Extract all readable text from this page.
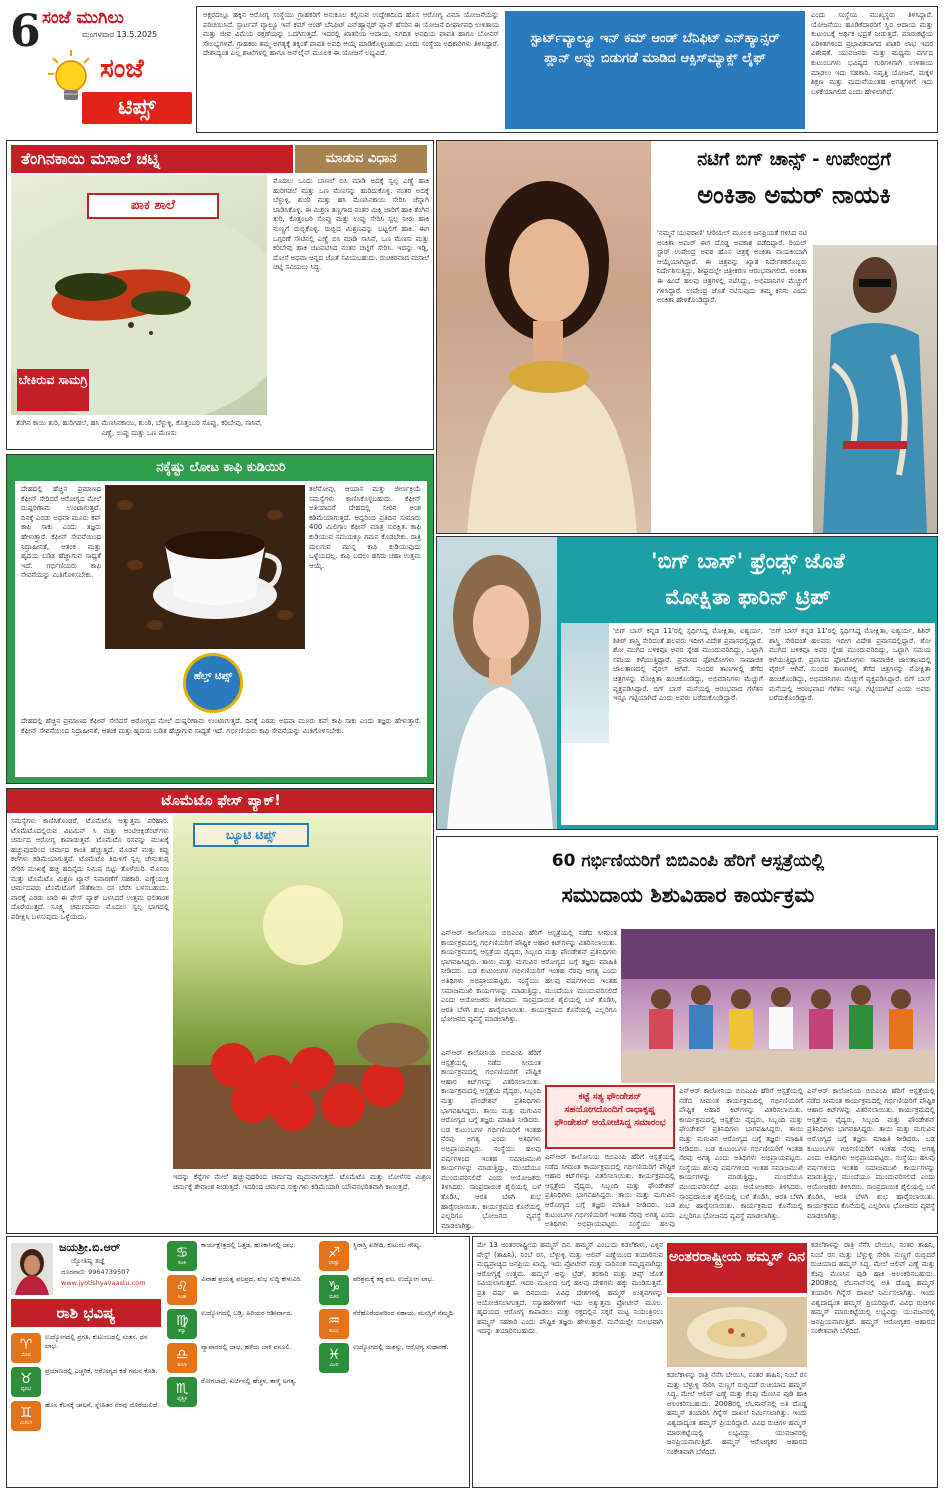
6 ಸಂಜೆ ಮುಗಿಲು
ಮಂಗಳವಾರ 13.5.2025
ಸಂಜೆ
ಟಿಪ್ಸ್
ಅಕ್ಷರದಲ್ಲೂ ಹಕ್ಕಿನ ಆರೋಗ್ಯ ಸಂಸ್ಥೆಯು ಗ್ರಾಹಕರಿಗೆ ಅನುಕೂಲ ಕಲ್ಪಿಸುವ ಉದ್ದೇಶದಿಂದ ಹೊಸ ಆರೋಗ್ಯ ವಿಮಾ ಯೋಜನೆಯನ್ನು ಪರಿಚಯಿಸಿದೆ. ಸ್ಟಾರ್ಟಪ್ ವ್ಯಾಲ್ಯೂ ಇನ್ ಕಮ್ ಆಂಡ್ ಬೆನಿಫಿಟ್ ಎನ್‌ಹ್ಯಾನ್ಸರ್ ಪ್ಲಾನ್ ಹೆಸರಿನ ಈ ಯೋಜನೆ ದೀರ್ಘಾವಧಿ ಉಳಿತಾಯ ಮತ್ತು ಜೀವ ವಿಮೆಯ ರಕ್ಷಣೆಯನ್ನು ಒದಗಿಸುತ್ತದೆ. ಇದರಲ್ಲಿ ಖಾತರಿಯ ಆದಾಯ, ನಿಗದಿತ ಅವಧಿಯ ಪಾವತಿ ಹಾಗೂ ಬೋನಸ್ ಸೌಲಭ್ಯಗಳಿವೆ. ಗ್ರಾಹಕರು ತಮ್ಮ ಅಗತ್ಯಕ್ಕೆ ತಕ್ಕಂತೆ ಪಾವತಿ ಅವಧಿ ಆಯ್ಕೆ ಮಾಡಿಕೊಳ್ಳಬಹುದು ಎಂದು ಸಂಸ್ಥೆಯ ಅಧಿಕಾರಿಗಳು ತಿಳಿಸಿದ್ದಾರೆ. ದೇಶಾದ್ಯಂತ ಎಲ್ಲ ಶಾಖೆಗಳಲ್ಲಿ ಹಾಗೂ ಆನ್‌ಲೈನ್ ಮೂಲಕ ಈ ಯೋಜನೆ ಲಭ್ಯವಿದೆ.
ಸ್ಟಾರ್ಟ್‌ವ್ಯಾಲ್ಯೂ ಇನ್ ಕಮ್ ಆಂಡ್ ಬೆನಿಫಿಟ್ ಎನ್‌ಹ್ಯಾನ್ಸರ್ ಪ್ಲಾನ್ ಅನ್ನು ಬಿಡುಗಡೆ ಮಾಡಿದ ಆಕ್ಸಿಸ್‌ಮ್ಯಾಕ್ಸ್ ಲೈಫ್
ಎಂದು ಸಂಸ್ಥೆಯ ಮುಖ್ಯಸ್ಥರು ತಿಳಿಸಿದ್ದಾರೆ. ಯೋಜನೆಯು ಹೂಡಿಕೆದಾರರಿಗೆ ಸ್ಥಿರ ಆದಾಯ ಮತ್ತು ಕುಟುಂಬಕ್ಕೆ ಆರ್ಥಿಕ ಭದ್ರತೆ ನೀಡುತ್ತದೆ. ಮಾರುಕಟ್ಟೆಯ ಏರಿಳಿತಗಳಿಂದ ಪ್ರಭಾವಿತವಾಗದ ಖಾತರಿ ಲಾಭ ಇದರ ವಿಶೇಷತೆ. ಯುವಜನರು ಮತ್ತು ಮಧ್ಯಮ ವರ್ಗದ ಕುಟುಂಬಗಳು ಭವಿಷ್ಯದ ಗುರಿಗಳಿಗಾಗಿ ಉಳಿತಾಯ ಮಾಡಲು ಇದು ಸಹಕಾರಿ. ನಿವೃತ್ತಿ ಯೋಜನೆ, ಮಕ್ಕಳ ಶಿಕ್ಷಣ ಮತ್ತು ಮದುವೆಯಂತಹ ಅಗತ್ಯಗಳಿಗೆ ಇದು ಬಳಕೆಯಾಗಲಿದೆ ಎಂದು ಹೇಳಲಾಗಿದೆ.
ತೆಂಗಿನಕಾಯಿ ಮಸಾಲೆ ಚಟ್ನಿ	ಮಾಡುವ ವಿಧಾನ
ಪಾಕ ಶಾಲೆ
ಬೇಕಿರುವ ಸಾಮಗ್ರಿ
ತೆಂಗಿನ ಕಾಯಿ ತುರಿ, ಹುರಿಗಡಲೆ, ಹಸಿ ಮೆಣಸಿನಕಾಯಿ, ಶುಂಠಿ, ಬೆಳ್ಳುಳ್ಳಿ, ಕೊತ್ತಂಬರಿ ಸೊಪ್ಪು, ಕರಿಬೇವು, ಸಾಸಿವೆ, ಎಣ್ಣೆ, ಉಪ್ಪು ಮತ್ತು ಒಣ ಮೆಣಸು
ಮೊದಲು ಒಂದು ಬಾಣಲೆ ಬಿಸಿ ಮಾಡಿ ಅದಕ್ಕೆ ಸ್ವಲ್ಪ ಎಣ್ಣೆ ಹಾಕಿ ಹುರಿಗಡಲೆ ಮತ್ತು ಒಣ ಮೆಣಸನ್ನು ಹುರಿದುಕೊಳ್ಳಿ. ನಂತರ ಅದಕ್ಕೆ ಬೆಳ್ಳುಳ್ಳಿ, ಶುಂಠಿ ಮತ್ತು ಹಸಿ ಮೆಣಸಿನಕಾಯಿ ಸೇರಿಸಿ ಚೆನ್ನಾಗಿ ಬಾಡಿಸಿಕೊಳ್ಳಿ. ಈ ಮಿಶ್ರಣ ತಣ್ಣಗಾದ ನಂತರ ಮಿಕ್ಸಿ ಜಾರಿಗೆ ಹಾಕಿ ತೆಂಗಿನ ತುರಿ, ಕೊತ್ತಂಬರಿ ಸೊಪ್ಪು ಮತ್ತು ಉಪ್ಪು ಸೇರಿಸಿ ಸ್ವಲ್ಪ ನೀರು ಹಾಕಿ ನುಣ್ಣಗೆ ರುಬ್ಬಿಕೊಳ್ಳಿ. ರುಬ್ಬಿದ ಮಿಶ್ರಣವನ್ನು ಬಟ್ಟಲಿಗೆ ಹಾಕಿ. ಈಗ ಒಗ್ಗರಣೆ ಸೌಟಿನಲ್ಲಿ ಎಣ್ಣೆ ಬಿಸಿ ಮಾಡಿ ಸಾಸಿವೆ, ಒಣ ಮೆಣಸು ಮತ್ತು ಕರಿಬೇವು ಹಾಕಿ ಚಟಪಟಿಸಿದ ನಂತರ ಚಟ್ನಿಗೆ ಸೇರಿಸಿ. ಇದನ್ನು ಇಡ್ಲಿ, ದೋಸೆ ಅಥವಾ ಅನ್ನದ ಜೊತೆ ಸವಿಯಬಹುದು. ರುಚಿಕರವಾದ ಮಸಾಲೆ ಚಟ್ನಿ ಸವಿಯಲು ಸಿದ್ಧ.
ನಟಿಗೆ ಬಿಗ್ ಚಾನ್ಸ್ - ಉಪೇಂದ್ರಗೆ
ಅಂಕಿತಾ ಅಮರ್ ನಾಯಕಿ
'ನಮ್ಮನೆ ಯುವರಾಣಿ' ಸೀರಿಯಲ್ ಮೂಲಕ ಜನಪ್ರಿಯತೆ ಗಳಿಸಿದ ನಟಿ ಅಂಕಿತಾ ಅಮರ್ ಈಗ ದೊಡ್ಡ ಅವಕಾಶ ಪಡೆದಿದ್ದಾರೆ. ರಿಯಲ್ ಸ್ಟಾರ್ ಉಪೇಂದ್ರ ಅವರ ಹೊಸ ಚಿತ್ರಕ್ಕೆ ಅಂಕಿತಾ ನಾಯಕಿಯಾಗಿ ಆಯ್ಕೆಯಾಗಿದ್ದಾರೆ. ಈ ಚಿತ್ರವನ್ನು ಖ್ಯಾತ ನಿರ್ದೇಶಕರೊಬ್ಬರು ನಿರ್ದೇಶಿಸುತ್ತಿದ್ದು, ಶೀಘ್ರದಲ್ಲೇ ಚಿತ್ರೀಕರಣ ಆರಂಭವಾಗಲಿದೆ. ಅಂಕಿತಾ ಈ ಹಿಂದೆ ಹಲವು ಚಿತ್ರಗಳಲ್ಲಿ ನಟಿಸಿದ್ದು, ಅಭಿಮಾನಿಗಳ ಮೆಚ್ಚುಗೆ ಗಳಿಸಿದ್ದಾರೆ. ಉಪೇಂದ್ರ ಜೊತೆ ನಟಿಸುವುದು ತಮ್ಮ ಕನಸು ಎಂದು ಅಂಕಿತಾ ಹೇಳಿಕೊಂಡಿದ್ದಾರೆ.
ನಕ್ಕೆಷ್ಟು ಲೋಟ ಕಾಫಿ ಕುಡಿಯಿರಿ
ದೇಹದಲ್ಲಿ ಹೆಚ್ಚಿನ ಪ್ರಮಾಣದ ಕೆಫೀನ್ ಸೇರಿದರೆ ಆರೋಗ್ಯದ ಮೇಲೆ ದುಷ್ಪರಿಣಾಮ ಉಂಟಾಗುತ್ತದೆ. ದಿನಕ್ಕೆ ಎರಡು ಅಥವಾ ಮೂರು ಕಪ್ ಕಾಫಿ ಸಾಕು ಎಂದು ತಜ್ಞರು ಹೇಳುತ್ತಾರೆ. ಕೆಫೀನ್ ಸೇವನೆಯಿಂದ ನಿದ್ರಾಹೀನತೆ, ಆತಂಕ ಮತ್ತು ಹೃದಯ ಬಡಿತ ಹೆಚ್ಚಾಗುವ ಸಾಧ್ಯತೆ ಇದೆ. ಗರ್ಭಿಣಿಯರು ಕಾಫಿ ಸೇವನೆಯನ್ನು ಮಿತಿಗೊಳಿಸಬೇಕು.
ತಲೆನೋವು, ಆಯಾಸ ಮತ್ತು ಜೀರ್ಣಕ್ರಿಯೆ ಸಮಸ್ಯೆಗಳು ಕಾಣಿಸಿಕೊಳ್ಳಬಹುದು. ಕೆಫೀನ್ ಅತಿಯಾದರೆ ದೇಹದಲ್ಲಿ ನೀರಿನ ಅಂಶ ಕಡಿಮೆಯಾಗುತ್ತದೆ. ಆದ್ದರಿಂದ ಪ್ರತಿದಿನ ಸುಮಾರು 400 ಮಿಲಿಗ್ರಾಂ ಕೆಫೀನ್ ಮಾತ್ರ ಸುರಕ್ಷಿತ. ಕಾಫಿ ಕುಡಿಯುವ ಸಮಯಕ್ಕೂ ಗಮನ ಕೊಡಬೇಕು. ರಾತ್ರಿ ಮಲಗುವ ಮುನ್ನ ಕಾಫಿ ಕುಡಿಯುವುದು ಒಳ್ಳೆಯದಲ್ಲ. ಕಾಫಿ ಬದಲು ಹಸಿರು ಚಹಾ ಉತ್ತಮ ಆಯ್ಕೆ.
ಹೆಲ್ತ್ ಟಿಪ್ಸ್
ದೇಹದಲ್ಲಿ ಹೆಚ್ಚಿನ ಪ್ರಮಾಣದ ಕೆಫೀನ್ ಸೇರಿದರೆ ಆರೋಗ್ಯದ ಮೇಲೆ ದುಷ್ಪರಿಣಾಮ ಉಂಟಾಗುತ್ತದೆ. ದಿನಕ್ಕೆ ಎರಡು ಅಥವಾ ಮೂರು ಕಪ್ ಕಾಫಿ ಸಾಕು ಎಂದು ತಜ್ಞರು ಹೇಳುತ್ತಾರೆ. ಕೆಫೀನ್ ಸೇವನೆಯಿಂದ ನಿದ್ರಾಹೀನತೆ, ಆತಂಕ ಮತ್ತು ಹೃದಯ ಬಡಿತ ಹೆಚ್ಚಾಗುವ ಸಾಧ್ಯತೆ ಇದೆ. ಗರ್ಭಿಣಿಯರು ಕಾಫಿ ಸೇವನೆಯನ್ನು ಮಿತಿಗೊಳಿಸಬೇಕು.
'ಬಿಗ್ ಬಾಸ್' ಫ್ರೆಂಡ್ಸ್ ಜೊತೆ
ಮೋಕ್ಷಿತಾ ಫಾರಿನ್ ಟ್ರಿಪ್
'ಬಿಗ್ ಬಾಸ್ ಕನ್ನಡ 11'ರಲ್ಲಿ ಸ್ಪರ್ಧಿಸಿದ್ದ ಮೋಕ್ಷಿತಾ, ಐಶ್ವರ್ಯ, ಶಿಶಿರ್ ಶಾಸ್ತ್ರಿ ಸೇರಿದಂತೆ ಹಲವರು ಇದೀಗ ವಿದೇಶ ಪ್ರವಾಸದಲ್ಲಿದ್ದಾರೆ. ಶೋ ಮುಗಿದ ಬಳಿಕವೂ ಅವರ ಸ್ನೇಹ ಮುಂದುವರಿದಿದ್ದು, ಒಟ್ಟಾಗಿ ಸಮಯ ಕಳೆಯುತ್ತಿದ್ದಾರೆ. ಪ್ರವಾಸದ ಫೋಟೋಗಳು ಸಾಮಾಜಿಕ ಜಾಲತಾಣದಲ್ಲಿ ವೈರಲ್ ಆಗಿವೆ. ಸುಂದರ ತಾಣಗಳಲ್ಲಿ ತೆಗೆದ ಚಿತ್ರಗಳನ್ನು ಮೋಕ್ಷಿತಾ ಹಂಚಿಕೊಂಡಿದ್ದು, ಅಭಿಮಾನಿಗಳು ಮೆಚ್ಚುಗೆ ವ್ಯಕ್ತಪಡಿಸಿದ್ದಾರೆ. ಬಿಗ್ ಬಾಸ್ ಮನೆಯಲ್ಲಿ ಆರಂಭವಾದ ಗೆಳೆತನ ಇನ್ನೂ ಗಟ್ಟಿಯಾಗಿದೆ ಎಂದು ಅವರು ಬರೆದುಕೊಂಡಿದ್ದಾರೆ.
'ಬಿಗ್ ಬಾಸ್ ಕನ್ನಡ 11'ರಲ್ಲಿ ಸ್ಪರ್ಧಿಸಿದ್ದ ಮೋಕ್ಷಿತಾ, ಐಶ್ವರ್ಯ, ಶಿಶಿರ್ ಶಾಸ್ತ್ರಿ ಸೇರಿದಂತೆ ಹಲವರು ಇದೀಗ ವಿದೇಶ ಪ್ರವಾಸದಲ್ಲಿದ್ದಾರೆ. ಶೋ ಮುಗಿದ ಬಳಿಕವೂ ಅವರ ಸ್ನೇಹ ಮುಂದುವರಿದಿದ್ದು, ಒಟ್ಟಾಗಿ ಸಮಯ ಕಳೆಯುತ್ತಿದ್ದಾರೆ. ಪ್ರವಾಸದ ಫೋಟೋಗಳು ಸಾಮಾಜಿಕ ಜಾಲತಾಣದಲ್ಲಿ ವೈರಲ್ ಆಗಿವೆ. ಸುಂದರ ತಾಣಗಳಲ್ಲಿ ತೆಗೆದ ಚಿತ್ರಗಳನ್ನು ಮೋಕ್ಷಿತಾ ಹಂಚಿಕೊಂಡಿದ್ದು, ಅಭಿಮಾನಿಗಳು ಮೆಚ್ಚುಗೆ ವ್ಯಕ್ತಪಡಿಸಿದ್ದಾರೆ. ಬಿಗ್ ಬಾಸ್ ಮನೆಯಲ್ಲಿ ಆರಂಭವಾದ ಗೆಳೆತನ ಇನ್ನೂ ಗಟ್ಟಿಯಾಗಿದೆ ಎಂದು ಅವರು ಬರೆದುಕೊಂಡಿದ್ದಾರೆ.
ಟೊಮೆಟೊ ಫೇಸ್ ಪ್ಯಾಕ್!
ಸಮಸ್ಯೆಗಳು ಕಾಣಿಸಿಕೊಂಡರೆ, ಟೊಮೆಟೊ ಅತ್ಯುತ್ತಮ ಪರಿಹಾರ. ಟೊಮೆಟೊದಲ್ಲಿರುವ ವಿಟಮಿನ್ ಸಿ ಮತ್ತು ಆಂಟಿಆಕ್ಸಿಡೆಂಟ್‌ಗಳು ಚರ್ಮದ ಆರೋಗ್ಯ ಕಾಪಾಡುತ್ತವೆ. ಟೊಮೆಟೊ ರಸವನ್ನು ಮುಖಕ್ಕೆ ಹಚ್ಚುವುದರಿಂದ ಚರ್ಮದ ಕಾಂತಿ ಹೆಚ್ಚುತ್ತದೆ. ಮೊಡವೆ ಮತ್ತು ಕಪ್ಪು ಕಲೆಗಳು ಕಡಿಮೆಯಾಗುತ್ತವೆ. ಟೊಮೆಟೊ ತಿರುಳಿಗೆ ಸ್ವಲ್ಪ ಜೇನುತುಪ್ಪ ಸೇರಿಸಿ ಮುಖಕ್ಕೆ ಹಚ್ಚಿ ಹದಿನೈದು ನಿಮಿಷ ಬಿಟ್ಟು ತೊಳೆಯಿರಿ. ಮೊಸರು ಮತ್ತು ಟೊಮೆಟೊ ಮಿಶ್ರಣ ಟ್ಯಾನ್ ನಿವಾರಣೆಗೆ ಸಹಕಾರಿ. ಎಣ್ಣೆಯುಕ್ತ ಚರ್ಮದವರು ಟೊಮೆಟೊಗೆ ಸೌತೆಕಾಯಿ ರಸ ಬೆರೆಸಿ ಬಳಸಬಹುದು. ವಾರಕ್ಕೆ ಎರಡು ಬಾರಿ ಈ ಫೇಸ್ ಪ್ಯಾಕ್ ಬಳಸಿದರೆ ಉತ್ತಮ ಫಲಿತಾಂಶ ದೊರೆಯುತ್ತದೆ. ಸೂಕ್ಷ್ಮ ಚರ್ಮದವರು ಮೊದಲು ಸ್ವಲ್ಪ ಭಾಗದಲ್ಲಿ ಪರೀಕ್ಷಿಸಿ ಬಳಸುವುದು ಒಳ್ಳೆಯದು.
ಬ್ಯೂಟಿ ಟಿಪ್ಸ್
ಇದನ್ನು ಕೆನ್ನೆಗಳ ಮೇಲೆ ಹಚ್ಚುವುದರಿಂದ ಚರ್ಮವು ಮೃದುವಾಗುತ್ತದೆ. ಟೊಮೆಟೊ ಮತ್ತು ಲೋಳೆಸರ ಮಿಶ್ರಣ ಚರ್ಮಕ್ಕೆ ತೇವಾಂಶ ನೀಡುತ್ತದೆ. ಇದರಿಂದ ಚರ್ಮದ ಸುಕ್ಕುಗಳು ಕಡಿಮೆಯಾಗಿ ಯೌವನಭರಿತವಾಗಿ ಕಾಣುತ್ತದೆ.
60 ಗರ್ಭಿಣಿಯರಿಗೆ ಬಿಬಿಎಂಪಿ ಹೆರಿಗೆ ಆಸ್ಪತ್ರೆಯಲ್ಲಿ
ಸಮುದಾಯ ಶಿಶುವಿಹಾರ ಕಾರ್ಯಕ್ರಮ
ಎನ್ಆರ್ ಕಾಲೋನಿಯ ಬಿಬಿಎಂಪಿ ಹೆರಿಗೆ ಆಸ್ಪತ್ರೆಯಲ್ಲಿ ನಡೆದ ಸೀಮಂತ ಕಾರ್ಯಕ್ರಮದಲ್ಲಿ ಗರ್ಭಿಣಿಯರಿಗೆ ಪೌಷ್ಟಿಕ ಆಹಾರ ಕಿಟ್‌ಗಳನ್ನು ವಿತರಿಸಲಾಯಿತು. ಕಾರ್ಯಕ್ರಮದಲ್ಲಿ ಆಸ್ಪತ್ರೆಯ ವೈದ್ಯರು, ಸಿಬ್ಬಂದಿ ಮತ್ತು ಫೌಂಡೇಶನ್ ಪ್ರತಿನಿಧಿಗಳು ಭಾಗವಹಿಸಿದ್ದರು. ತಾಯಿ ಮತ್ತು ಮಗುವಿನ ಆರೋಗ್ಯದ ಬಗ್ಗೆ ತಜ್ಞರು ಮಾಹಿತಿ ನೀಡಿದರು. ಬಡ ಕುಟುಂಬಗಳ ಗರ್ಭಿಣಿಯರಿಗೆ ಇಂತಹ ನೆರವು ಅಗತ್ಯ ಎಂದು ಅತಿಥಿಗಳು ಅಭಿಪ್ರಾಯಪಟ್ಟರು. ಸಂಸ್ಥೆಯು ಹಲವು ವರ್ಷಗಳಿಂದ ಇಂತಹ ಸಮಾಜಮುಖಿ ಕಾರ್ಯಗಳನ್ನು ಮಾಡುತ್ತಿದ್ದು, ಮುಂದೆಯೂ ಮುಂದುವರಿಸಲಿದೆ ಎಂದು ಆಯೋಜಕರು ತಿಳಿಸಿದರು. ಸಾಂಪ್ರದಾಯಿಕ ಶೈಲಿಯಲ್ಲಿ ಬಳೆ ತೊಡಿಸಿ, ಆರತಿ ಬೆಳಗಿ ಶುಭ ಹಾರೈಸಲಾಯಿತು. ಕಾರ್ಯಕ್ರಮದ ಕೊನೆಯಲ್ಲಿ ಎಲ್ಲರಿಗೂ ಭೋಜನದ ವ್ಯವಸ್ಥೆ ಮಾಡಲಾಗಿತ್ತು.
ಎನ್ಆರ್ ಕಾಲೋನಿಯ ಬಿಬಿಎಂಪಿ ಹೆರಿಗೆ ಆಸ್ಪತ್ರೆಯಲ್ಲಿ ನಡೆದ ಸೀಮಂತ ಕಾರ್ಯಕ್ರಮದಲ್ಲಿ ಗರ್ಭಿಣಿಯರಿಗೆ ಪೌಷ್ಟಿಕ ಆಹಾರ ಕಿಟ್‌ಗಳನ್ನು ವಿತರಿಸಲಾಯಿತು. ಕಾರ್ಯಕ್ರಮದಲ್ಲಿ ಆಸ್ಪತ್ರೆಯ ವೈದ್ಯರು, ಸಿಬ್ಬಂದಿ ಮತ್ತು ಫೌಂಡೇಶನ್ ಪ್ರತಿನಿಧಿಗಳು ಭಾಗವಹಿಸಿದ್ದರು. ತಾಯಿ ಮತ್ತು ಮಗುವಿನ ಆರೋಗ್ಯದ ಬಗ್ಗೆ ತಜ್ಞರು ಮಾಹಿತಿ ನೀಡಿದರು. ಬಡ ಕುಟುಂಬಗಳ ಗರ್ಭಿಣಿಯರಿಗೆ ಇಂತಹ ನೆರವು ಅಗತ್ಯ ಎಂದು ಅತಿಥಿಗಳು ಅಭಿಪ್ರಾಯಪಟ್ಟರು. ಸಂಸ್ಥೆಯು ಹಲವು ವರ್ಷಗಳಿಂದ ಇಂತಹ ಸಮಾಜಮುಖಿ ಕಾರ್ಯಗಳನ್ನು ಮಾಡುತ್ತಿದ್ದು, ಮುಂದೆಯೂ ಮುಂದುವರಿಸಲಿದೆ ಎಂದು ಆಯೋಜಕರು ತಿಳಿಸಿದರು. ಸಾಂಪ್ರದಾಯಿಕ ಶೈಲಿಯಲ್ಲಿ ಬಳೆ ತೊಡಿಸಿ, ಆರತಿ ಬೆಳಗಿ ಶುಭ ಹಾರೈಸಲಾಯಿತು. ಕಾರ್ಯಕ್ರಮದ ಕೊನೆಯಲ್ಲಿ ಎಲ್ಲರಿಗೂ ಭೋಜನದ ವ್ಯವಸ್ಥೆ ಮಾಡಲಾಗಿತ್ತು.
ಕಟ್ಟೆ ಸತ್ಯ ಫೌಂಡೇಶನ್ ಸಹಯೋಗದೊಂದಿಗೆ ರಾಧಾಕೃಷ್ಣ ಫೌಂಡೇಶನ್ ಆಯೋಜಿಸಿದ್ದ ಸಮಾರಂಭ
ಎನ್ಆರ್ ಕಾಲೋನಿಯ ಬಿಬಿಎಂಪಿ ಹೆರಿಗೆ ಆಸ್ಪತ್ರೆಯಲ್ಲಿ ನಡೆದ ಸೀಮಂತ ಕಾರ್ಯಕ್ರಮದಲ್ಲಿ ಗರ್ಭಿಣಿಯರಿಗೆ ಪೌಷ್ಟಿಕ ಆಹಾರ ಕಿಟ್‌ಗಳನ್ನು ವಿತರಿಸಲಾಯಿತು. ಕಾರ್ಯಕ್ರಮದಲ್ಲಿ ಆಸ್ಪತ್ರೆಯ ವೈದ್ಯರು, ಸಿಬ್ಬಂದಿ ಮತ್ತು ಫೌಂಡೇಶನ್ ಪ್ರತಿನಿಧಿಗಳು ಭಾಗವಹಿಸಿದ್ದರು. ತಾಯಿ ಮತ್ತು ಮಗುವಿನ ಆರೋಗ್ಯದ ಬಗ್ಗೆ ತಜ್ಞರು ಮಾಹಿತಿ ನೀಡಿದರು. ಬಡ ಕುಟುಂಬಗಳ ಗರ್ಭಿಣಿಯರಿಗೆ ಇಂತಹ ನೆರವು ಅಗತ್ಯ ಎಂದು ಅತಿಥಿಗಳು ಅಭಿಪ್ರಾಯಪಟ್ಟರು. ಸಂಸ್ಥೆಯು ಹಲವು
ಎನ್ಆರ್ ಕಾಲೋನಿಯ ಬಿಬಿಎಂಪಿ ಹೆರಿಗೆ ಆಸ್ಪತ್ರೆಯಲ್ಲಿ ನಡೆದ ಸೀಮಂತ ಕಾರ್ಯಕ್ರಮದಲ್ಲಿ ಗರ್ಭಿಣಿಯರಿಗೆ ಪೌಷ್ಟಿಕ ಆಹಾರ ಕಿಟ್‌ಗಳನ್ನು ವಿತರಿಸಲಾಯಿತು. ಕಾರ್ಯಕ್ರಮದಲ್ಲಿ ಆಸ್ಪತ್ರೆಯ ವೈದ್ಯರು, ಸಿಬ್ಬಂದಿ ಮತ್ತು ಫೌಂಡೇಶನ್ ಪ್ರತಿನಿಧಿಗಳು ಭಾಗವಹಿಸಿದ್ದರು. ತಾಯಿ ಮತ್ತು ಮಗುವಿನ ಆರೋಗ್ಯದ ಬಗ್ಗೆ ತಜ್ಞರು ಮಾಹಿತಿ ನೀಡಿದರು. ಬಡ ಕುಟುಂಬಗಳ ಗರ್ಭಿಣಿಯರಿಗೆ ಇಂತಹ ನೆರವು ಅಗತ್ಯ ಎಂದು ಅತಿಥಿಗಳು ಅಭಿಪ್ರಾಯಪಟ್ಟರು. ಸಂಸ್ಥೆಯು ಹಲವು ವರ್ಷಗಳಿಂದ ಇಂತಹ ಸಮಾಜಮುಖಿ ಕಾರ್ಯಗಳನ್ನು ಮಾಡುತ್ತಿದ್ದು, ಮುಂದೆಯೂ ಮುಂದುವರಿಸಲಿದೆ ಎಂದು ಆಯೋಜಕರು ತಿಳಿಸಿದರು. ಸಾಂಪ್ರದಾಯಿಕ ಶೈಲಿಯಲ್ಲಿ ಬಳೆ ತೊಡಿಸಿ, ಆರತಿ ಬೆಳಗಿ ಶುಭ ಹಾರೈಸಲಾಯಿತು. ಕಾರ್ಯಕ್ರಮದ ಕೊನೆಯಲ್ಲಿ ಎಲ್ಲರಿಗೂ ಭೋಜನದ ವ್ಯವಸ್ಥೆ ಮಾಡಲಾಗಿತ್ತು.
ಎನ್ಆರ್ ಕಾಲೋನಿಯ ಬಿಬಿಎಂಪಿ ಹೆರಿಗೆ ಆಸ್ಪತ್ರೆಯಲ್ಲಿ ನಡೆದ ಸೀಮಂತ ಕಾರ್ಯಕ್ರಮದಲ್ಲಿ ಗರ್ಭಿಣಿಯರಿಗೆ ಪೌಷ್ಟಿಕ ಆಹಾರ ಕಿಟ್‌ಗಳನ್ನು ವಿತರಿಸಲಾಯಿತು. ಕಾರ್ಯಕ್ರಮದಲ್ಲಿ ಆಸ್ಪತ್ರೆಯ ವೈದ್ಯರು, ಸಿಬ್ಬಂದಿ ಮತ್ತು ಫೌಂಡೇಶನ್ ಪ್ರತಿನಿಧಿಗಳು ಭಾಗವಹಿಸಿದ್ದರು. ತಾಯಿ ಮತ್ತು ಮಗುವಿನ ಆರೋಗ್ಯದ ಬಗ್ಗೆ ತಜ್ಞರು ಮಾಹಿತಿ ನೀಡಿದರು. ಬಡ ಕುಟುಂಬಗಳ ಗರ್ಭಿಣಿಯರಿಗೆ ಇಂತಹ ನೆರವು ಅಗತ್ಯ ಎಂದು ಅತಿಥಿಗಳು ಅಭಿಪ್ರಾಯಪಟ್ಟರು. ಸಂಸ್ಥೆಯು ಹಲವು ವರ್ಷಗಳಿಂದ ಇಂತಹ ಸಮಾಜಮುಖಿ ಕಾರ್ಯಗಳನ್ನು ಮಾಡುತ್ತಿದ್ದು, ಮುಂದೆಯೂ ಮುಂದುವರಿಸಲಿದೆ ಎಂದು ಆಯೋಜಕರು ತಿಳಿಸಿದರು. ಸಾಂಪ್ರದಾಯಿಕ ಶೈಲಿಯಲ್ಲಿ ಬಳೆ ತೊಡಿಸಿ, ಆರತಿ ಬೆಳಗಿ ಶುಭ ಹಾರೈಸಲಾಯಿತು. ಕಾರ್ಯಕ್ರಮದ ಕೊನೆಯಲ್ಲಿ ಎಲ್ಲರಿಗೂ ಭೋಜನದ ವ್ಯವಸ್ಥೆ ಮಾಡಲಾಗಿತ್ತು.
ಜಯಶ್ರೀ.ಬಿ.ಆರ್
ಜ್ಯೋತಿಷ್ಯ ತಜ್ಞೆ
ದೂರವಾಣಿ: 9964739507
www.jyotishyavaastu.com
ರಾಶಿ ಭವಿಷ್ಯ
♈
ಮೇಷ
ಉದ್ಯೋಗದಲ್ಲಿ ಪ್ರಗತಿ, ಕುಟುಂಬದಲ್ಲಿ ಸಂತಸ, ಧನ ಲಾಭ.
♉
ವೃಷಭ
ಪ್ರಯಾಣದಲ್ಲಿ ಎಚ್ಚರಿಕೆ, ಆರೋಗ್ಯದ ಕಡೆ ಗಮನ ಕೊಡಿ.
♊
ಮಿಥುನ
ಹೊಸ ಕೆಲಸಕ್ಕೆ ಚಾಲನೆ, ಸ್ನೇಹಿತರ ನೆರವು ದೊರೆಯಲಿದೆ.
♋
ಕಟಕ
ಕಾರ್ಯಕ್ಷೇತ್ರದಲ್ಲಿ ಒತ್ತಡ, ಹಣಕಾಸಿನಲ್ಲಿ ಲಾಭ.
♌
ಸಿಂಹ
ವಿವಾಹ ಪ್ರಯತ್ನ ಫಲಪ್ರದ, ಶುಭ ಸುದ್ದಿ ಕೇಳುವಿರಿ.
♍
ಕನ್ಯಾ
ಉದ್ಯೋಗದಲ್ಲಿ ಬಡ್ತಿ, ಹಿರಿಯರ ಆಶೀರ್ವಾದ.
♎
ತುಲಾ
ವ್ಯಾಪಾರದಲ್ಲಿ ಲಾಭ, ಹಳೆಯ ಬಾಕಿ ವಸೂಲಿ.
♏
ವೃಶ್ಚಿಕ
ರೋಗಬಾಧೆ, ಖರ್ಚಿನಲ್ಲಿ ಹೆಚ್ಚಳ, ತಾಳ್ಮೆ ಅಗತ್ಯ.
♐
ಧನಸ್ಸು
ಸ್ಥಿರಾಸ್ತಿ ಖರೀದಿ, ಕುಟುಂಬ ಸೌಖ್ಯ.
♑
ಮಕರ
ಪರಿಶ್ರಮಕ್ಕೆ ತಕ್ಕ ಫಲ, ಉದ್ಯೋಗ ಲಾಭ.
♒
ಕುಂಭ
ನೆರೆಹೊರೆಯವರಿಂದ ಸಹಾಯ, ಮನಸ್ಸಿಗೆ ನೆಮ್ಮದಿ.
♓
ಮೀನ
ಉದ್ಯೋಗದಲ್ಲಿ ಯಶಸ್ಸು, ಆರೋಗ್ಯ ಸುಧಾರಣೆ.
ಮೇ 13 ಅಂತರರಾಷ್ಟ್ರೀಯ ಹಮ್ಮಸ್ ದಿನ. ಹಮ್ಮಸ್ ಎಂಬುದು ಕಡಲೆಕಾಳು, ಎಳ್ಳಿನ ಪೇಸ್ಟ್ (ತಾಹಿನಿ), ನಿಂಬೆ ರಸ, ಬೆಳ್ಳುಳ್ಳಿ ಮತ್ತು ಆಲಿವ್ ಎಣ್ಣೆಯಿಂದ ತಯಾರಿಸುವ ಮಧ್ಯಪ್ರಾಚ್ಯದ ಜನಪ್ರಿಯ ಖಾದ್ಯ. ಇದು ಪ್ರೋಟೀನ್ ಮತ್ತು ನಾರಿನಂಶ ಸಮೃದ್ಧವಾಗಿದ್ದು ಆರೋಗ್ಯಕ್ಕೆ ಉತ್ತಮ. ಹಮ್ಮಸ್ ಅನ್ನು ಬ್ರೆಡ್, ತರಕಾರಿ ಮತ್ತು ಚಿಪ್ಸ್ ಜೊತೆ ಸವಿಯಲಾಗುತ್ತದೆ. ಇದರ ಮೂಲದ ಬಗ್ಗೆ ಹಲವು ದೇಶಗಳು ಹಕ್ಕು ಮಂಡಿಸುತ್ತವೆ. ಪ್ರತಿ ವರ್ಷ ಈ ದಿನದಂದು ವಿವಿಧ ದೇಶಗಳಲ್ಲಿ ಹಮ್ಮಸ್ ಉತ್ಸವಗಳನ್ನು ಆಯೋಜಿಸಲಾಗುತ್ತದೆ. ಸಸ್ಯಾಹಾರಿಗಳಿಗೆ ಇದು ಅತ್ಯುತ್ತಮ ಪ್ರೋಟೀನ್ ಮೂಲ. ಹೃದಯದ ಆರೋಗ್ಯ ಕಾಪಾಡಲು ಮತ್ತು ರಕ್ತದಲ್ಲಿನ ಸಕ್ಕರೆ ಮಟ್ಟ ನಿಯಂತ್ರಿಸಲು ಹಮ್ಮಸ್ ಸಹಕಾರಿ ಎಂದು ಪೌಷ್ಟಿಕ ತಜ್ಞರು ಹೇಳುತ್ತಾರೆ. ಮನೆಯಲ್ಲೇ ಸುಲಭವಾಗಿ ಇದನ್ನು ತಯಾರಿಸಬಹುದು.
ಅಂತರರಾಷ್ಟ್ರೀಯ ಹಮ್ಮಸ್ ದಿನ
ಕಡಲೆಕಾಳನ್ನು ರಾತ್ರಿ ನೆನೆಸಿ ಬೇಯಿಸಿ, ನಂತರ ತಾಹಿನಿ, ನಿಂಬೆ ರಸ ಮತ್ತು ಬೆಳ್ಳುಳ್ಳಿ ಸೇರಿಸಿ ನುಣ್ಣಗೆ ರುಬ್ಬಿದರೆ ರುಚಿಯಾದ ಹಮ್ಮಸ್ ಸಿದ್ಧ. ಮೇಲೆ ಆಲಿವ್ ಎಣ್ಣೆ ಮತ್ತು ಕೆಂಪು ಮೆಣಸಿನ ಪುಡಿ ಹಾಕಿ ಅಲಂಕರಿಸಬಹುದು. 2008ರಲ್ಲಿ ಲೆಬನಾನ್‌ನಲ್ಲಿ ಅತಿ ದೊಡ್ಡ ಹಮ್ಮಸ್ ತಯಾರಿಸಿ ಗಿನ್ನೆಸ್ ದಾಖಲೆ ನಿರ್ಮಿಸಲಾಗಿತ್ತು. ಇಂದು ವಿಶ್ವದಾದ್ಯಂತ ಹಮ್ಮಸ್ ಪ್ರಿಯರಿದ್ದಾರೆ. ವಿವಿಧ ರುಚಿಗಳ ಹಮ್ಮಸ್ ಮಾರುಕಟ್ಟೆಯಲ್ಲಿ ಲಭ್ಯವಿದ್ದು ಯುವಜನರಲ್ಲಿ ಜನಪ್ರಿಯವಾಗುತ್ತಿದೆ. ಹಮ್ಮಸ್ ಆರೋಗ್ಯಕರ ಆಹಾರದ ಸಂಕೇತವಾಗಿ ಬೆಳೆದಿದೆ.
ಕಡಲೆಕಾಳನ್ನು ರಾತ್ರಿ ನೆನೆಸಿ ಬೇಯಿಸಿ, ನಂತರ ತಾಹಿನಿ, ನಿಂಬೆ ರಸ ಮತ್ತು ಬೆಳ್ಳುಳ್ಳಿ ಸೇರಿಸಿ ನುಣ್ಣಗೆ ರುಬ್ಬಿದರೆ ರುಚಿಯಾದ ಹಮ್ಮಸ್ ಸಿದ್ಧ. ಮೇಲೆ ಆಲಿವ್ ಎಣ್ಣೆ ಮತ್ತು ಕೆಂಪು ಮೆಣಸಿನ ಪುಡಿ ಹಾಕಿ ಅಲಂಕರಿಸಬಹುದು. 2008ರಲ್ಲಿ ಲೆಬನಾನ್‌ನಲ್ಲಿ ಅತಿ ದೊಡ್ಡ ಹಮ್ಮಸ್ ತಯಾರಿಸಿ ಗಿನ್ನೆಸ್ ದಾಖಲೆ ನಿರ್ಮಿಸಲಾಗಿತ್ತು. ಇಂದು ವಿಶ್ವದಾದ್ಯಂತ ಹಮ್ಮಸ್ ಪ್ರಿಯರಿದ್ದಾರೆ. ವಿವಿಧ ರುಚಿಗಳ ಹಮ್ಮಸ್ ಮಾರುಕಟ್ಟೆಯಲ್ಲಿ ಲಭ್ಯವಿದ್ದು ಯುವಜನರಲ್ಲಿ ಜನಪ್ರಿಯವಾಗುತ್ತಿದೆ. ಹಮ್ಮಸ್ ಆರೋಗ್ಯಕರ ಆಹಾರದ ಸಂಕೇತವಾಗಿ ಬೆಳೆದಿದೆ.
